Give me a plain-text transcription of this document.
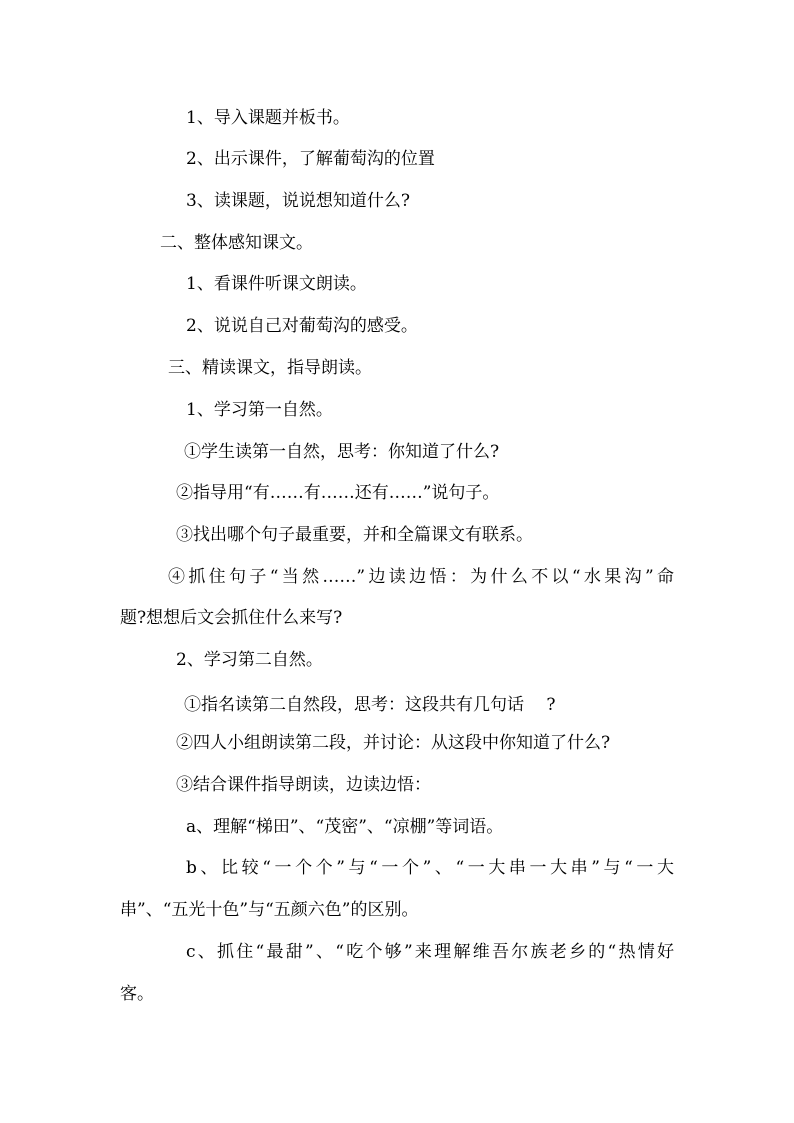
1、导入课题并板书。
2、出示课件，了解葡萄沟的位置
3、读课题，说说想知道什么?
二、整体感知课文。
1、看课件听课文朗读。
2、说说自己对葡萄沟的感受。
三、精读课文，指导朗读。
1、学习第一自然。
①学生读第一自然，思考：你知道了什么?
②指导用“有……有……还有……”说句子。
③找出哪个句子最重要，并和全篇课文有联系。
④抓住句子“当然……”边读边悟：为什么不以“水果沟”命
题?想想后文会抓住什么来写?
2、学习第二自然。
①指名读第二自然段，思考：这段共有几句话　 ?
②四人小组朗读第二段，并讨论：从这段中你知道了什么?
③结合课件指导朗读，边读边悟：
a、理解“梯田”、“茂密”、“凉棚”等词语。
b、比较“一个个”与“一个”、“一大串一大串”与“一大
串”、“五光十色”与“五颜六色”的区别。
c、抓住“最甜”、“吃个够”来理解维吾尔族老乡的“热情好
客。
